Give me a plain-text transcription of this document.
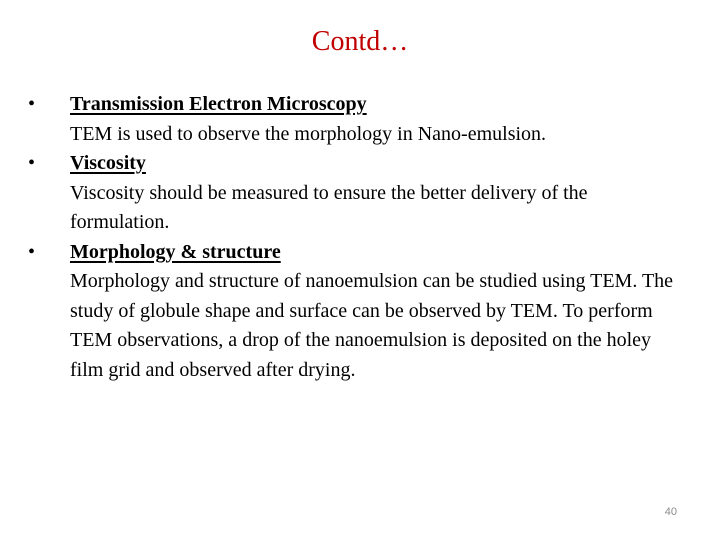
Contd…
•	Transmission Electron Microscopy
TEM is used to observe the morphology in Nano-emulsion.
•	Viscosity
Viscosity should be measured to ensure the better delivery of the formulation.
•	Morphology & structure
Morphology and structure of nanoemulsion can be studied using TEM. The study of globule shape and surface can be observed by TEM. To perform TEM observations, a drop of the nanoemulsion is deposited on the holey film grid and observed after drying.
40
